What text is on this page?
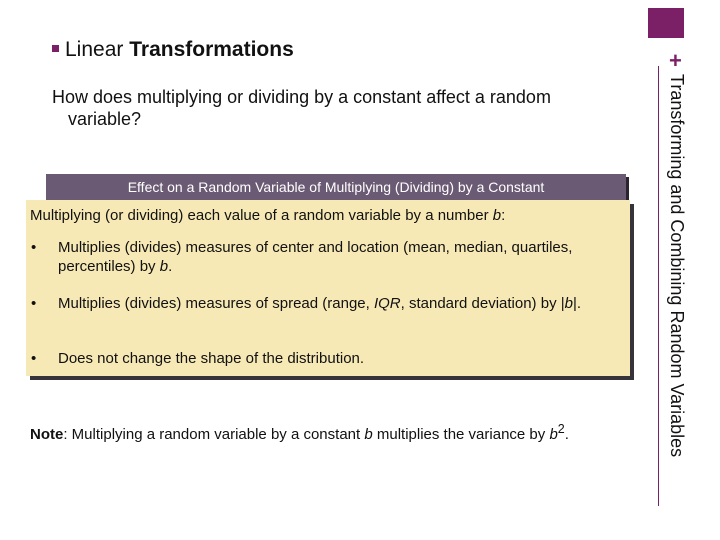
+
Transforming and Combining Random Variables
Linear Transformations
How does multiplying or dividing by a constant affect a random
variable?
Effect on a Random Variable of Multiplying (Dividing) by a Constant
Multiplying (or dividing) each value of a random variable by a number b:
• Multiplies (divides) measures of center and location (mean, median, quartiles, percentiles) by b.
• Multiplies (divides) measures of spread (range, IQR, standard deviation) by |b|.
• Does not change the shape of the distribution.
Note: Multiplying a random variable by a constant b multiplies the variance by $b^2$.
